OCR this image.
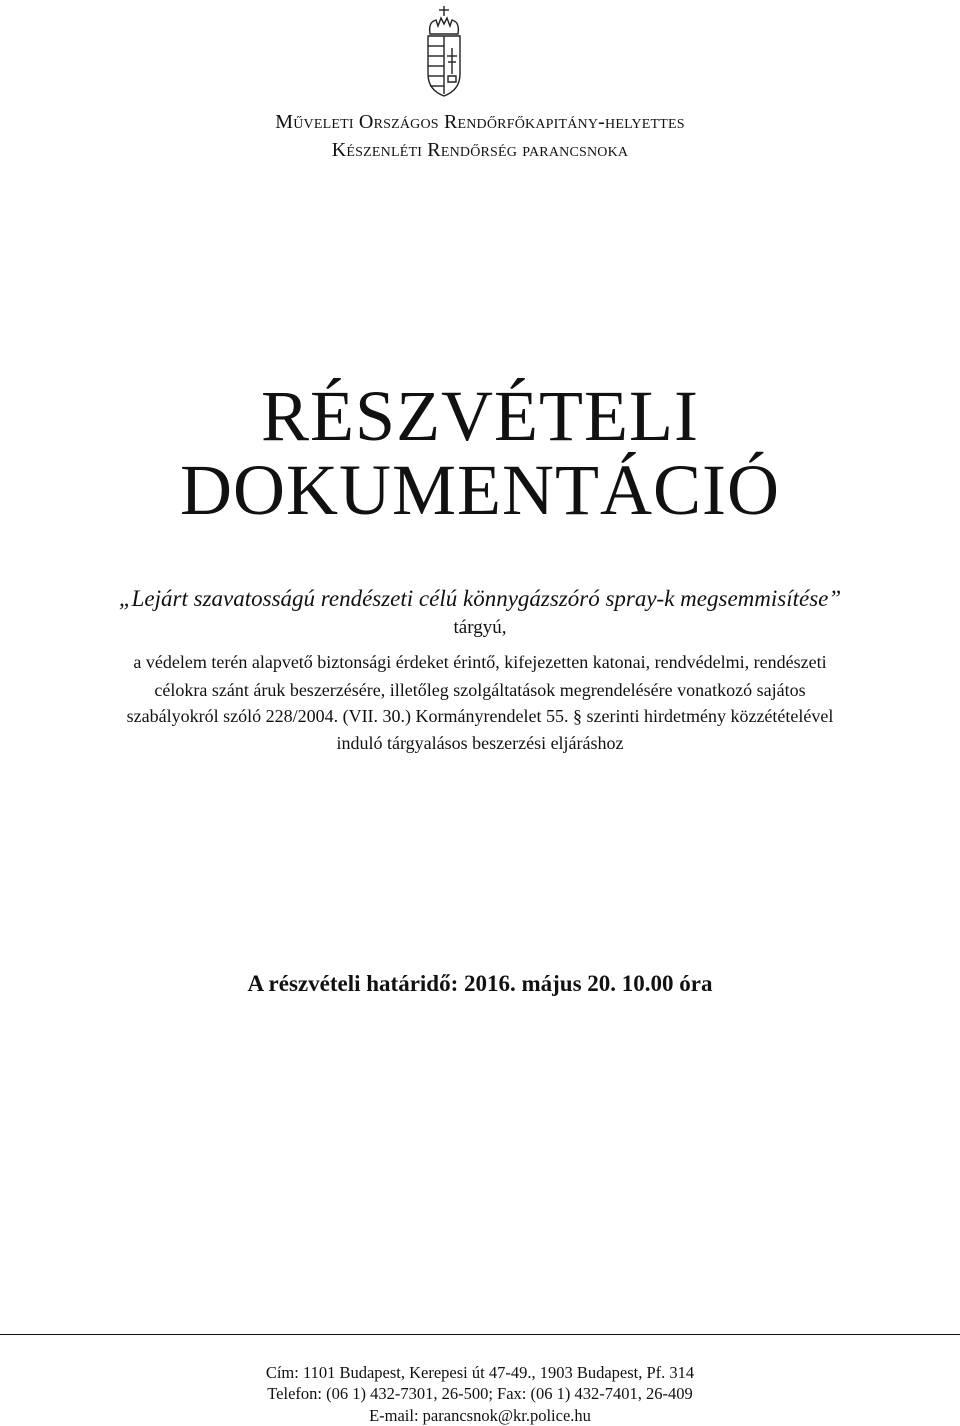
Műveleti Országos Rendőrfőkapitány-helyettes
Készenléti Rendőrség parancsnoka
RÉSZVÉTELI
DOKUMENTÁCIÓ
„Lejárt szavatosságú rendészeti célú könnygázszóró spray-k megsemmisítése”
tárgyú,
a védelem terén alapvető biztonsági érdeket érintő, kifejezetten katonai, rendvédelmi, rendészeti
célokra szánt áruk beszerzésére, illetőleg szolgáltatások megrendelésére vonatkozó sajátos
szabályokról szóló 228/2004. (VII. 30.) Kormányrendelet 55. § szerinti hirdetmény közzétételével
induló tárgyalásos beszerzési eljáráshoz
A részvételi határidő: 2016. május 20. 10.00 óra
Cím: 1101 Budapest, Kerepesi út 47-49., 1903 Budapest, Pf. 314
Telefon: (06 1) 432-7301, 26-500; Fax: (06 1) 432-7401, 26-409
E-mail: parancsnok@kr.police.hu
